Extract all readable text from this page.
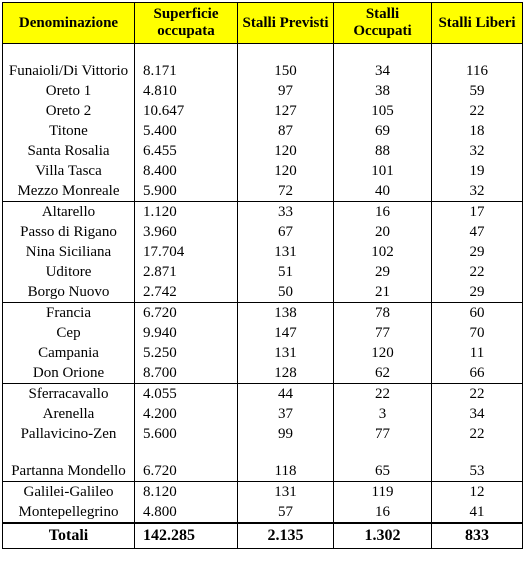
Denominazione	Superficie occupata	Stalli Previsti	Stalli Occupati	Stalli Liberi
Funaioli/Di Vittorio	8.171	150	34	116
Oreto 1	4.810	97	38	59
Oreto 2	10.647	127	105	22
Titone	5.400	87	69	18
Santa Rosalia	6.455	120	88	32
Villa Tasca	8.400	120	101	19
Mezzo Monreale	5.900	72	40	32
Altarello	1.120	33	16	17
Passo di Rigano	3.960	67	20	47
Nina Siciliana	17.704	131	102	29
Uditore	2.871	51	29	22
Borgo Nuovo	2.742	50	21	29
Francia	6.720	138	78	60
Cep	9.940	147	77	70
Campania	5.250	131	120	11
Don Orione	8.700	128	62	66
Sferracavallo	4.055	44	22	22
Arenella	4.200	37	3	34
Pallavicino-Zen	5.600	99	77	22
Partanna Mondello	6.720	118	65	53
Galilei-Galileo	8.120	131	119	12
Montepellegrino	4.800	57	16	41
Totali	142.285	2.135	1.302	833
